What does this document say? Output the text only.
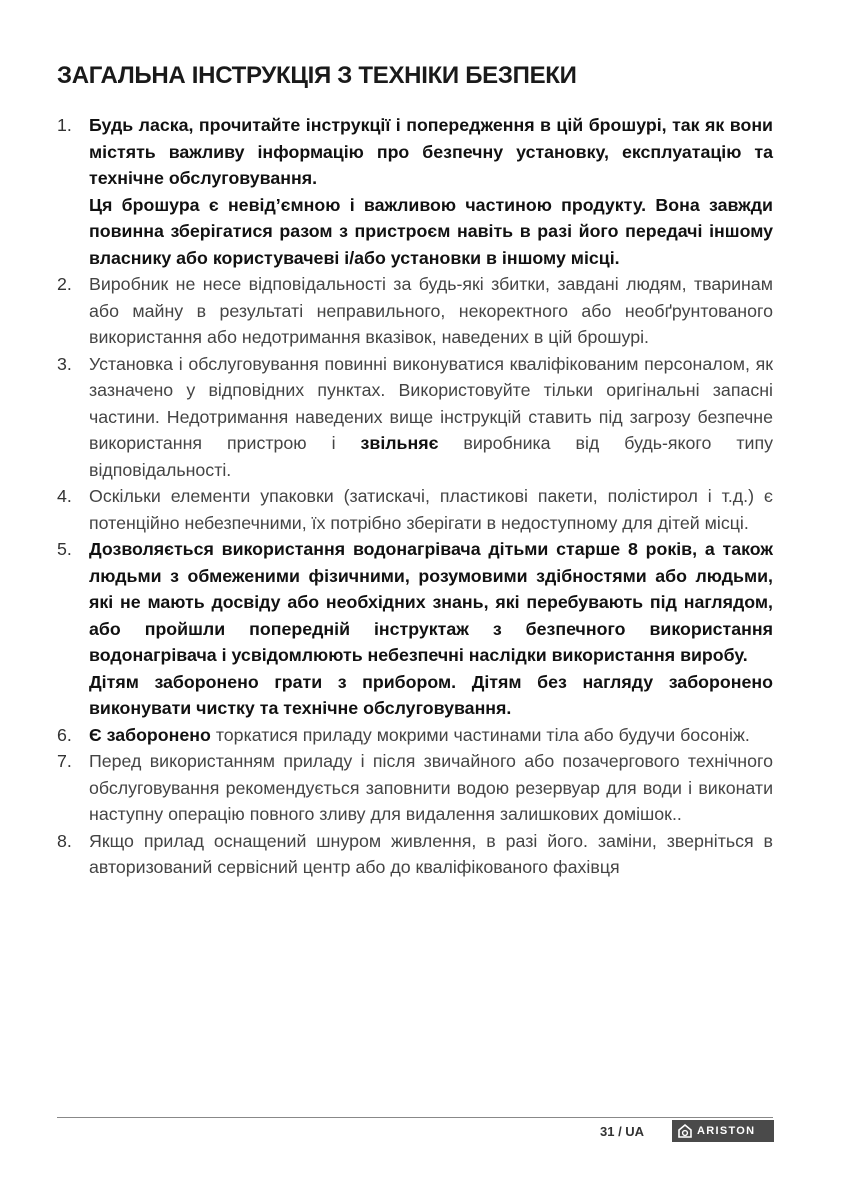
ЗАГАЛЬНА ІНСТРУКЦІЯ З ТЕХНІКИ БЕЗПЕКИ
1. Будь ласка, прочитайте інструкції і попередження в цій брошурі, так як вони містять важливу інформацію про безпечну установку, експлуатацію та технічне обслуговування.

Ця брошура є невід’ємною і важливою частиною продукту. Вона завжди повинна зберігатися разом з пристроєм навіть в разі його передачі іншому власнику або користувачеві і/або установки в іншому місці.

2. Виробник не несе відповідальності за будь-які збитки, завдані людям, тваринам або майну в результаті неправильного, некоректного або необґрунтованого використання або недотримання вказівок, наведених в цій брошурі.

3. Установка і обслуговування повинні виконуватися кваліфікованим персоналом, як зазначено у відповідних пунктах. Використовуйте тільки оригінальні запасні частини. Недотримання наведених вище інструкцій ставить під загрозу безпечне використання пристрою і звільняє виробника від будь-якого типу відповідальності.

4. Оскільки елементи упаковки (затискачі, пластикові пакети, полістирол і т.д.) є потенційно небезпечними, їх потрібно зберігати в недоступному для дітей місці.

5. Дозволяється використання водонагрівача дітьми старше 8 років, а також людьми з обмеженими фізичними, розумовими здібностями або людьми, які не мають досвіду або необхідних знань, які перебувають під наглядом, або пройшли попередній інструктаж з безпечного використання водонагрівача і усвідомлюють небезпечні наслідки використання виробу.

Дітям заборонено грати з прибором. Дітям без нагляду заборонено виконувати чистку та технічне обслуговування.

6. Є заборонено торкатися приладу мокрими частинами тіла або будучи босоніж.

7. Перед використанням приладу і після звичайного або позачергового технічного обслуговування рекомендується заповнити водою резервуар для води і виконати наступну операцію повного зливу для видалення залишкових домішок..

8. Якщо прилад оснащений шнуром живлення, в разі його. заміни, зверніться в авторизований сервісний центр або до кваліфікованого фахівця

31 / UA	ARISTON
